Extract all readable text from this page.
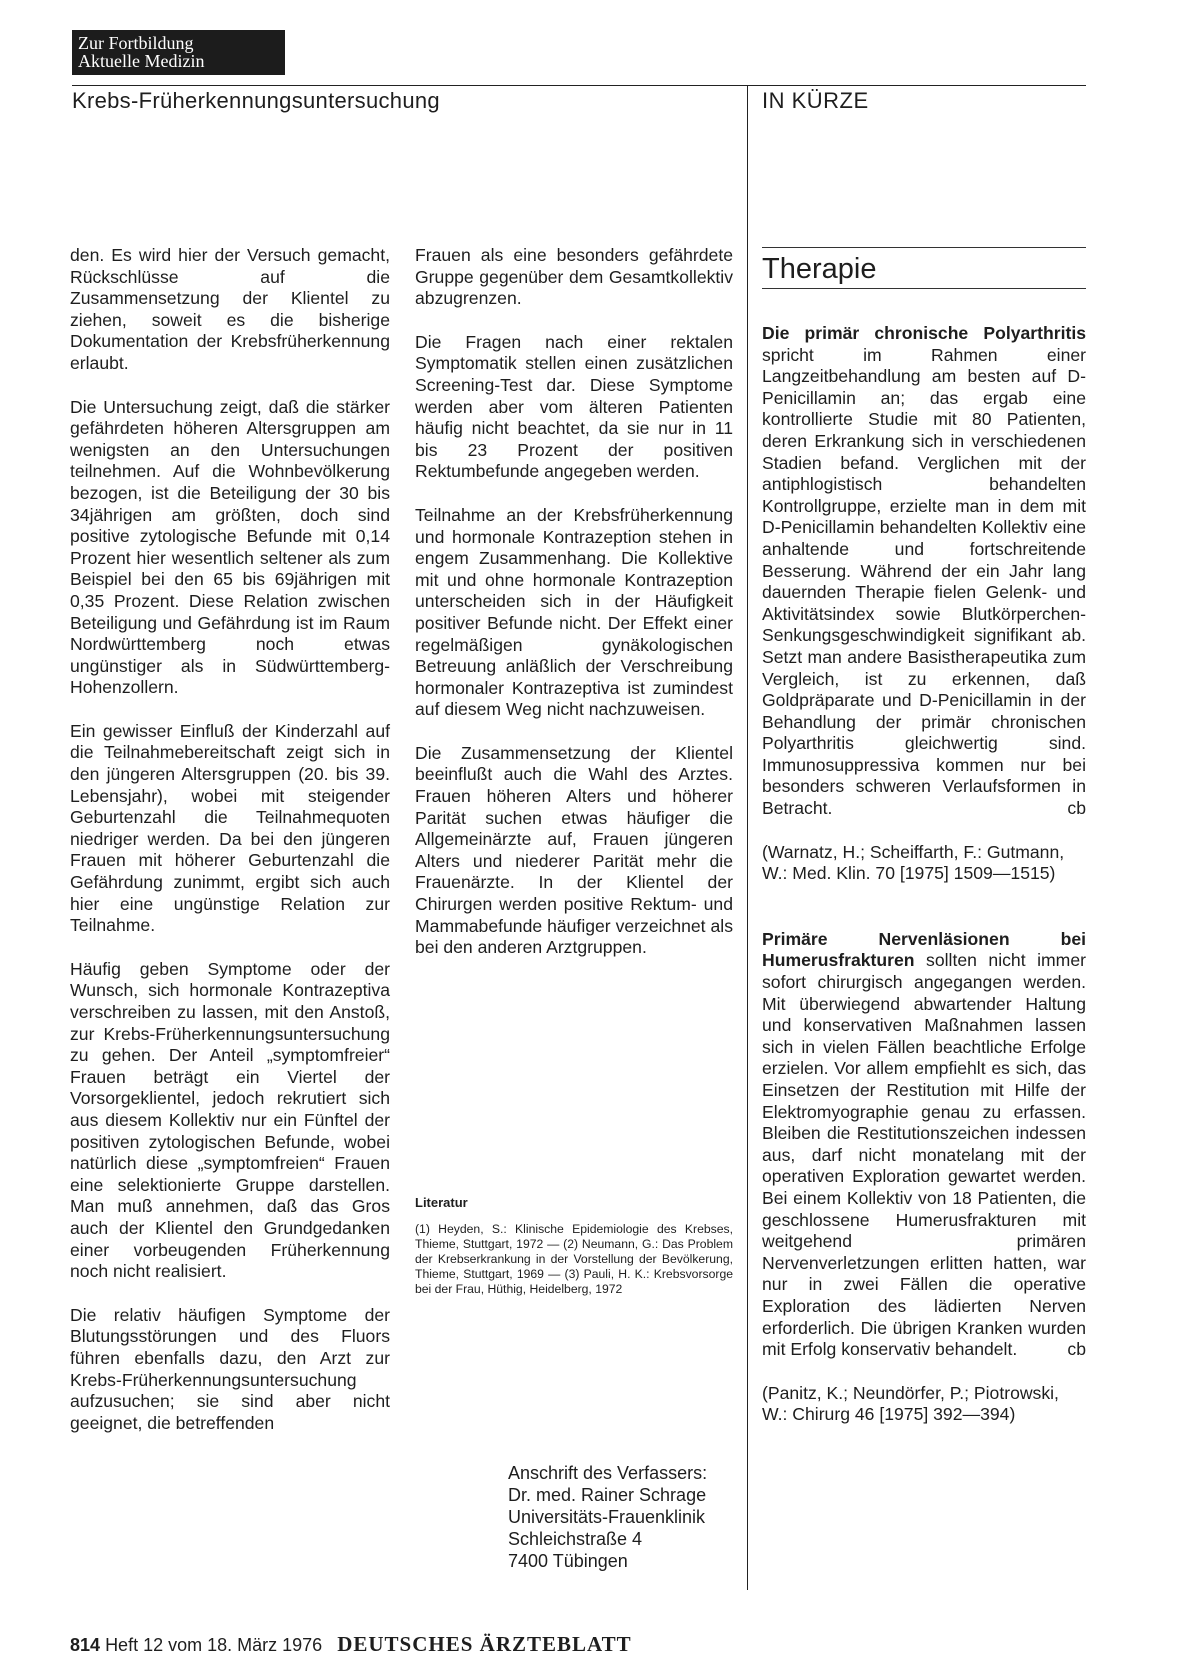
Zur Fortbildung
Aktuelle Medizin
Krebs-Früherkennungsuntersuchung	IN KÜRZE

den. Es wird hier der Versuch gemacht, Rückschlüsse auf die Zusammensetzung der Klientel zu ziehen, soweit es die bisherige Dokumentation der Krebsfrüherkennung erlaubt.

Die Untersuchung zeigt, daß die stärker gefährdeten höheren Altersgruppen am wenigsten an den Untersuchungen teilnehmen. Auf die Wohnbevölkerung bezogen, ist die Beteiligung der 30 bis 34jährigen am größten, doch sind positive zytologische Befunde mit 0,14 Prozent hier wesentlich seltener als zum Beispiel bei den 65 bis 69jährigen mit 0,35 Prozent. Diese Relation zwischen Beteiligung und Gefährdung ist im Raum Nordwürttemberg noch etwas ungünstiger als in Südwürttemberg-Hohenzollern.

Ein gewisser Einfluß der Kinderzahl auf die Teilnahmebereitschaft zeigt sich in den jüngeren Altersgruppen (20. bis 39. Lebensjahr), wobei mit steigender Geburtenzahl die Teilnahmequoten niedriger werden. Da bei den jüngeren Frauen mit höherer Geburtenzahl die Gefährdung zunimmt, ergibt sich auch hier eine ungünstige Relation zur Teilnahme.

Häufig geben Symptome oder der Wunsch, sich hormonale Kontrazeptiva verschreiben zu lassen, mit den Anstoß, zur Krebs-Früherkennungsuntersuchung zu gehen. Der Anteil „symptomfreier“ Frauen beträgt ein Viertel der Vorsorgeklientel, jedoch rekrutiert sich aus diesem Kollektiv nur ein Fünftel der positiven zytologischen Befunde, wobei natürlich diese „symptomfreien“ Frauen eine selektionierte Gruppe darstellen. Man muß annehmen, daß das Gros auch der Klientel den Grundgedanken einer vorbeugenden Früherkennung noch nicht realisiert.

Die relativ häufigen Symptome der Blutungsstörungen und des Fluors führen ebenfalls dazu, den Arzt zur Krebs-Früherkennungsuntersuchung aufzusuchen; sie sind aber nicht geeignet, die betreffenden

Frauen als eine besonders gefährdete Gruppe gegenüber dem Gesamtkollektiv abzugrenzen.

Die Fragen nach einer rektalen Symptomatik stellen einen zusätzlichen Screening-Test dar. Diese Symptome werden aber vom älteren Patienten häufig nicht beachtet, da sie nur in 11 bis 23 Prozent der positiven Rektumbefunde angegeben werden.

Teilnahme an der Krebsfrüherkennung und hormonale Kontrazeption stehen in engem Zusammenhang. Die Kollektive mit und ohne hormonale Kontrazeption unterscheiden sich in der Häufigkeit positiver Befunde nicht. Der Effekt einer regelmäßigen gynäkologischen Betreuung anläßlich der Verschreibung hormonaler Kontrazeptiva ist zumindest auf diesem Weg nicht nachzuweisen.

Die Zusammensetzung der Klientel beeinflußt auch die Wahl des Arztes. Frauen höheren Alters und höherer Parität suchen etwas häufiger die Allgemeinärzte auf, Frauen jüngeren Alters und niederer Parität mehr die Frauenärzte. In der Klientel der Chirurgen werden positive Rektum- und Mammabefunde häufiger verzeichnet als bei den anderen Arztgruppen.

Literatur
(1) Heyden, S.: Klinische Epidemiologie des Krebses, Thieme, Stuttgart, 1972 — (2) Neumann, G.: Das Problem der Krebserkrankung in der Vorstellung der Bevölkerung, Thieme, Stuttgart, 1969 — (3) Pauli, H. K.: Krebsvorsorge bei der Frau, Hüthig, Heidelberg, 1972
Anschrift des Verfassers:
Dr. med. Rainer Schrage
Universitäts-Frauenklinik
Schleichstraße 4
7400 Tübingen
Therapie

Die primär chronische Polyarthritis spricht im Rahmen einer Langzeitbehandlung am besten auf D-Penicillamin an; das ergab eine kontrollierte Studie mit 80 Patienten, deren Erkrankung sich in verschiedenen Stadien befand. Verglichen mit der antiphlogistisch behandelten Kontrollgruppe, erzielte man in dem mit D-Penicillamin behandelten Kollektiv eine anhaltende und fortschreitende Besserung. Während der ein Jahr lang dauernden Therapie fielen Gelenk- und Aktivitätsindex sowie Blutkörperchen-Senkungsgeschwindigkeit signifikant ab. Setzt man andere Basistherapeutika zum Vergleich, ist zu erkennen, daß Goldpräparate und D-Penicillamin in der Behandlung der primär chronischen Polyarthritis gleichwertig sind. Immunosuppressiva kommen nur bei besonders schweren Verlaufsformen in Betracht.	cb

(Warnatz, H.; Scheiffarth, F.: Gutmann, W.: Med. Klin. 70 [1975] 1509—1515)

Primäre Nervenläsionen bei Humerusfrakturen sollten nicht immer sofort chirurgisch angegangen werden. Mit überwiegend abwartender Haltung und konservativen Maßnahmen lassen sich in vielen Fällen beachtliche Erfolge erzielen. Vor allem empfiehlt es sich, das Einsetzen der Restitution mit Hilfe der Elektromyographie genau zu erfassen. Bleiben die Restitutionszeichen indessen aus, darf nicht monatelang mit der operativen Exploration gewartet werden. Bei einem Kollektiv von 18 Patienten, die geschlossene Humerusfrakturen mit weitgehend primären Nervenverletzungen erlitten hatten, war nur in zwei Fällen die operative Exploration des lädierten Nerven erforderlich. Die übrigen Kranken wurden mit Erfolg konservativ behandelt.	cb

(Panitz, K.; Neundörfer, P.; Piotrowski, W.: Chirurg 46 [1975] 392—394)

814 Heft 12 vom 18. März 1976 DEUTSCHES ÄRZTEBLATT
